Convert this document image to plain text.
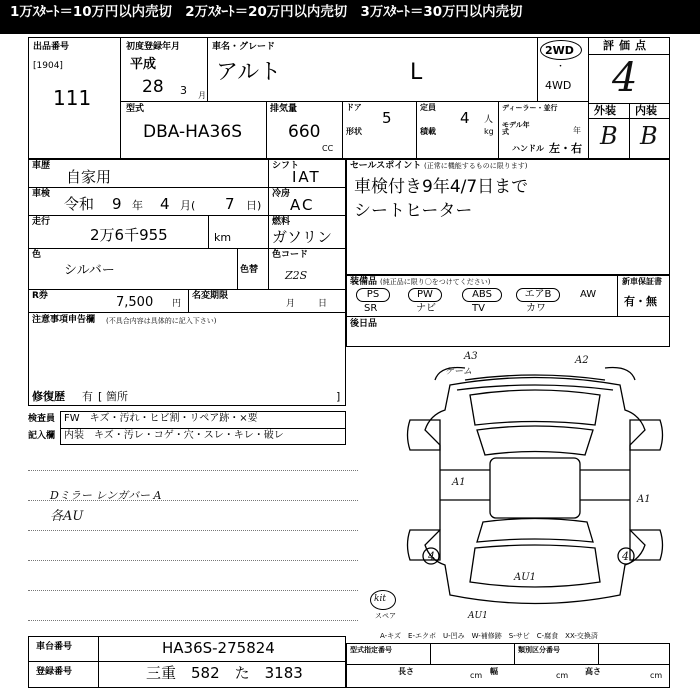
1万ｽﾀｰﾄ＝10万円以内売切　2万ｽﾀｰﾄ＝20万円以内売切　3万ｽﾀｰﾄ＝30万円以内売切
出品番号
[1904]
111
初度登録年月
平成
28 3 月
車名・グレード
アルト	L
2WD
・
4WD
評価点
4
外装 内装
B B
型式
DBA-HA36S
排気量
660
CC
ドア
5
形状
定員
4 人
積載	kg
ディーラー・並行
モデル年式	年
ハンドル 左・右
車歴
自家用
シフト
IAT
車検
令和 9 年 4 月( 7 日)
冷房
AC
走行
2万6千955	km
燃料
ガソリン
色
シルバー	色替
色コード
Z2S
R券	7,500 円
名変期限
月	日
注意事項申告欄 (不具合内容は具体的に記入下さい)
修復歴 有 [ 箇所	]
検査員
記入欄
FW　キズ・汚れ・ヒビ割・リペア跡・×要
内装　キズ・汚レ・コゲ・穴・スレ・キレ・破レ
Dミラー レンガバー A
各AU
セールスポイント (正常に機能するものに限ります)
車検付き9年4/7日まで
シートヒーター
装備品 (純正品に限り〇をつけてください)
PS	PW	ABS	エアB	AW
SR	ナビ	TV	カワ
新車保証書
有・無
後日品
A3	A2
ゲーム
A1
A1
4	4
AU1
AU1
kit
スペア
A-キズ　E-エクボ　U-凹み　W-補修跡　S-サビ　C-腐食　XX-交換済
車台番号	HA36S-275824
登録番号	三重　582　た　3183
型式指定番号	類別区分番号
長さ	cm 幅	cm 高さ	cm
